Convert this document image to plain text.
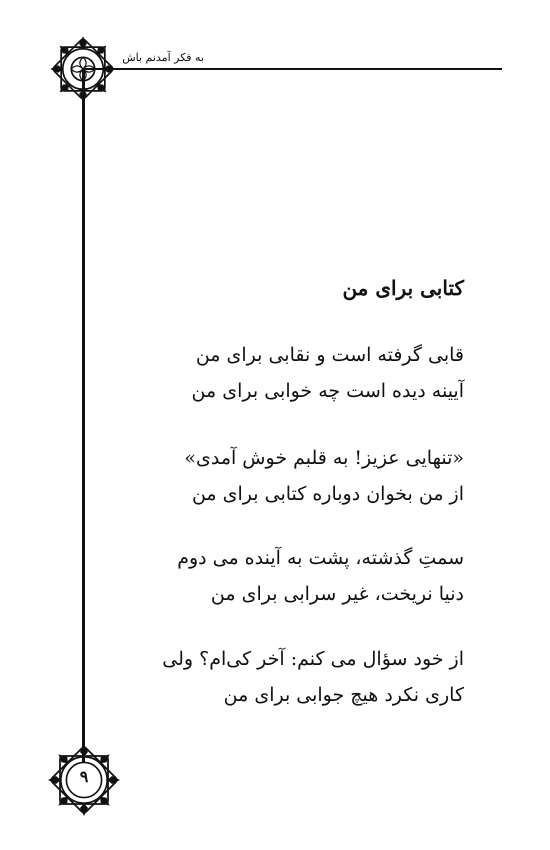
به فکر آمدنم باش
کتابی برای من
قابی گرفته است و نقابی برای من
آیینه دیده است چه خوابی برای من
«تنهایی عزیز! به قلبم خوش آمدی»
از من بخوان دوباره کتابی برای من
سمتِ گذشته، پشت به آینده می دوم
دنیا نریخت، غیر سرابی برای من
از خود سؤال می کنم: آخر کی‌ام؟ ولی
کاری نکرد هیچ جوابی برای من
۹
